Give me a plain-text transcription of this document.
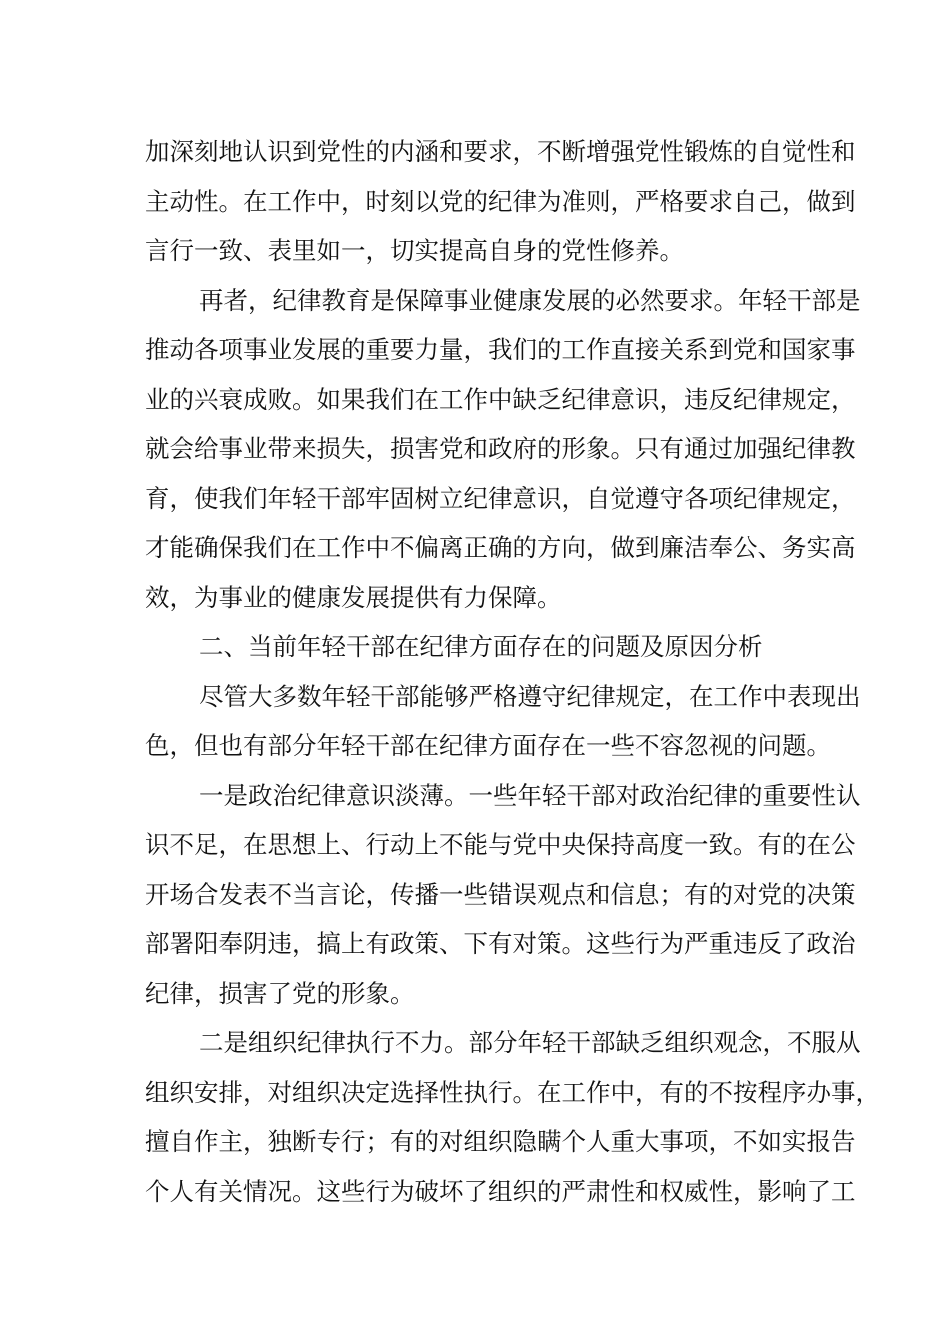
加深刻地认识到党性的内涵和要求，不断增强党性锻炼的自觉性和
主动性。在工作中，时刻以党的纪律为准则，严格要求自己，做到
言行一致、表里如一，切实提高自身的党性修养。
再者，纪律教育是保障事业健康发展的必然要求。年轻干部是
推动各项事业发展的重要力量，我们的工作直接关系到党和国家事
业的兴衰成败。如果我们在工作中缺乏纪律意识，违反纪律规定，
就会给事业带来损失，损害党和政府的形象。只有通过加强纪律教
育，使我们年轻干部牢固树立纪律意识，自觉遵守各项纪律规定，
才能确保我们在工作中不偏离正确的方向，做到廉洁奉公、务实高
效，为事业的健康发展提供有力保障。
二、当前年轻干部在纪律方面存在的问题及原因分析
尽管大多数年轻干部能够严格遵守纪律规定，在工作中表现出
色，但也有部分年轻干部在纪律方面存在一些不容忽视的问题。
一是政治纪律意识淡薄。一些年轻干部对政治纪律的重要性认
识不足，在思想上、行动上不能与党中央保持高度一致。有的在公
开场合发表不当言论，传播一些错误观点和信息；有的对党的决策
部署阳奉阴违，搞上有政策、下有对策。这些行为严重违反了政治
纪律，损害了党的形象。
二是组织纪律执行不力。部分年轻干部缺乏组织观念，不服从
组织安排，对组织决定选择性执行。在工作中，有的不按程序办事，
擅自作主，独断专行；有的对组织隐瞒个人重大事项，不如实报告
个人有关情况。这些行为破坏了组织的严肃性和权威性，影响了工
